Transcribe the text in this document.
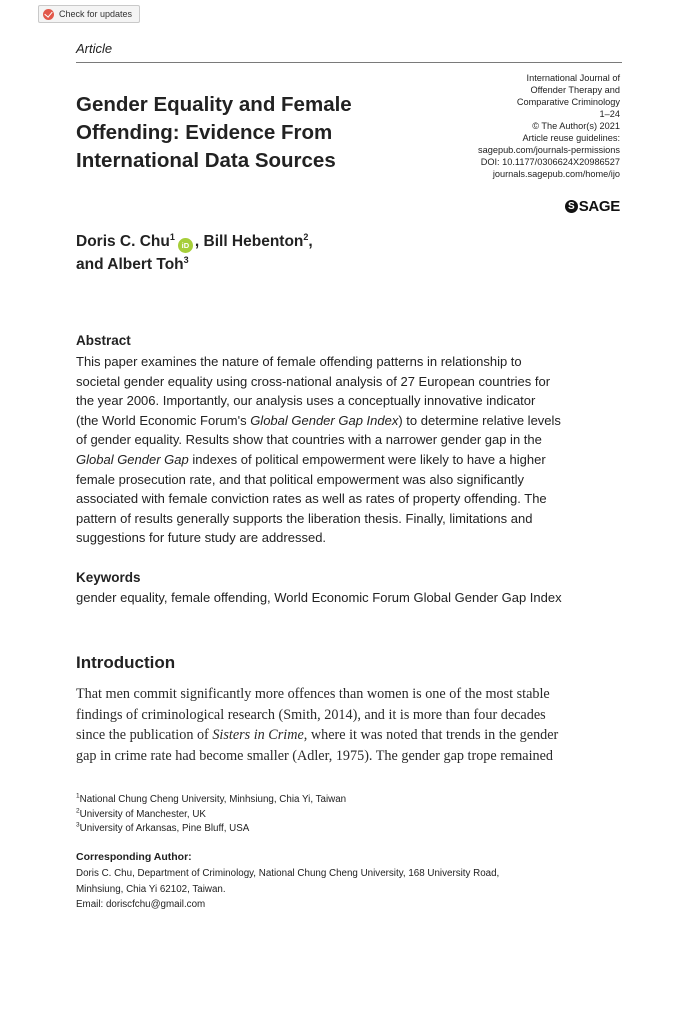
Check for updates
Article
Gender Equality and Female
Offending: Evidence From
International Data Sources
International Journal of
Offender Therapy and
Comparative Criminology
1–24
© The Author(s) 2021
Article reuse guidelines:
sagepub.com/journals-permissions
DOI: 10.1177/0306624X20986527
journals.sagepub.com/home/ijo
S SAGE
Doris C. Chu$^1$iD , Bill Hebenton$^2$,
and Albert Toh$^3$
Abstract
This paper examines the nature of female offending patterns in relationship to
societal gender equality using cross-national analysis of 27 European countries for
the year 2006. Importantly, our analysis uses a conceptually innovative indicator
(the World Economic Forum's Global Gender Gap Index) to determine relative levels
of gender equality. Results show that countries with a narrower gender gap in the
Global Gender Gap indexes of political empowerment were likely to have a higher
female prosecution rate, and that political empowerment was also significantly
associated with female conviction rates as well as rates of property offending. The
pattern of results generally supports the liberation thesis. Finally, limitations and
suggestions for future study are addressed.
Keywords
gender equality, female offending, World Economic Forum Global Gender Gap Index
Introduction
That men commit significantly more offences than women is one of the most stable
findings of criminological research (Smith, 2014), and it is more than four decades
since the publication of Sisters in Crime, where it was noted that trends in the gender
gap in crime rate had become smaller (Adler, 1975). The gender gap trope remained
$^1$National Chung Cheng University, Minhsiung, Chia Yi, Taiwan
$^2$University of Manchester, UK
$^3$University of Arkansas, Pine Bluff, USA
Corresponding Author:
Doris C. Chu, Department of Criminology, National Chung Cheng University, 168 University Road,
Minhsiung, Chia Yi 62102, Taiwan.
Email: doriscfchu@gmail.com
